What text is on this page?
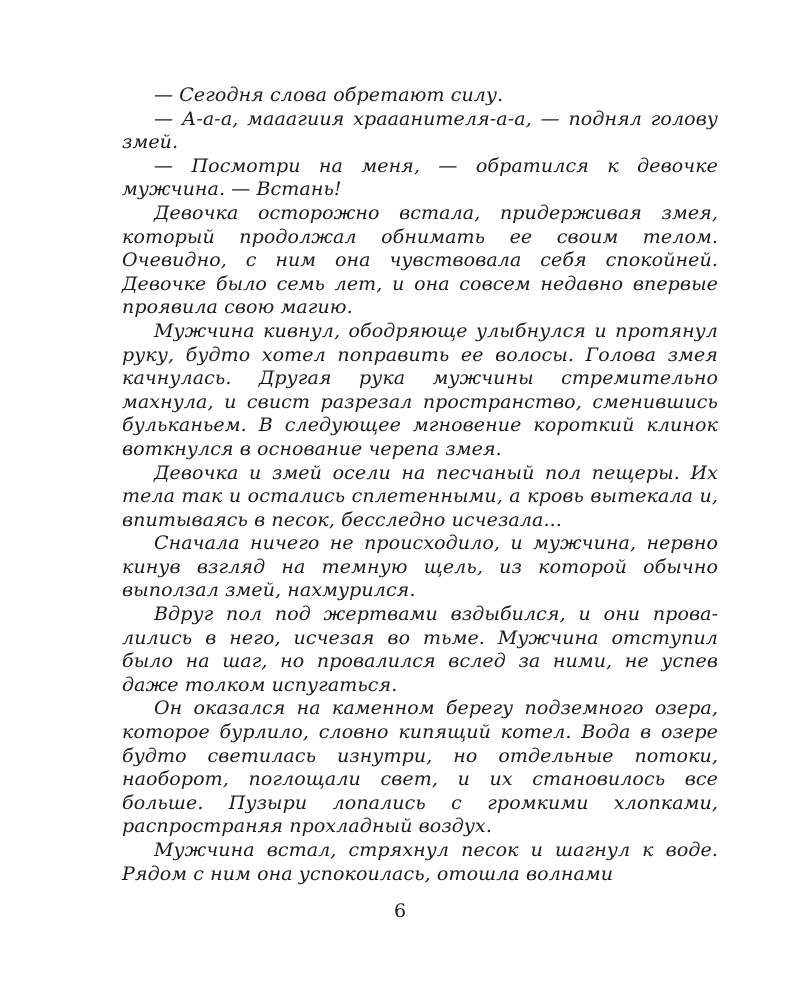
— Сегодня слова обретают силу.

— А-а-а, мааагиия храаанителя-а-а, — поднял голову змей.

— Посмотри на меня, — обратился к девочке мужчина. — Встань!

Девочка осторожно встала, придерживая змея, который продолжал обнимать ее своим телом. Очевидно, с ним она чувствовала себя спокойней. Девочке было семь лет, и она совсем недавно впервые проявила свою магию.

Мужчина кивнул, ободряюще улыбнулся и протянул руку, будто хотел поправить ее волосы. Голова змея качнулась. Другая рука мужчины стремительно махнула, и свист разрезал пространство, сменившись бульканьем. В следующее мгновение короткий клинок воткнулся в основание черепа змея.

Девочка и змей осели на песчаный пол пещеры. Их тела так и остались сплетенными, а кровь вытекала и, впитываясь в песок, бесследно исчезала...

Сначала ничего не происходило, и мужчина, нервно кинув взгляд на темную щель, из которой обычно выползал змей, нахмурился.

Вдруг пол под жертвами вздыбился, и они провалились в него, исчезая во тьме. Мужчина отступил было на шаг, но провалился вслед за ними, не успев даже толком испугаться.

Он оказался на каменном берегу подземного озера, которое бурлило, словно кипящий котел. Вода в озере будто светилась изнутри, но отдельные потоки, наоборот, поглощали свет, и их становилось все больше. Пузыри лопались с громкими хлопками, распространяя прохладный воздух.

Мужчина встал, стряхнул песок и шагнул к воде. Рядом с ним она успокоилась, отошла волнами

6
